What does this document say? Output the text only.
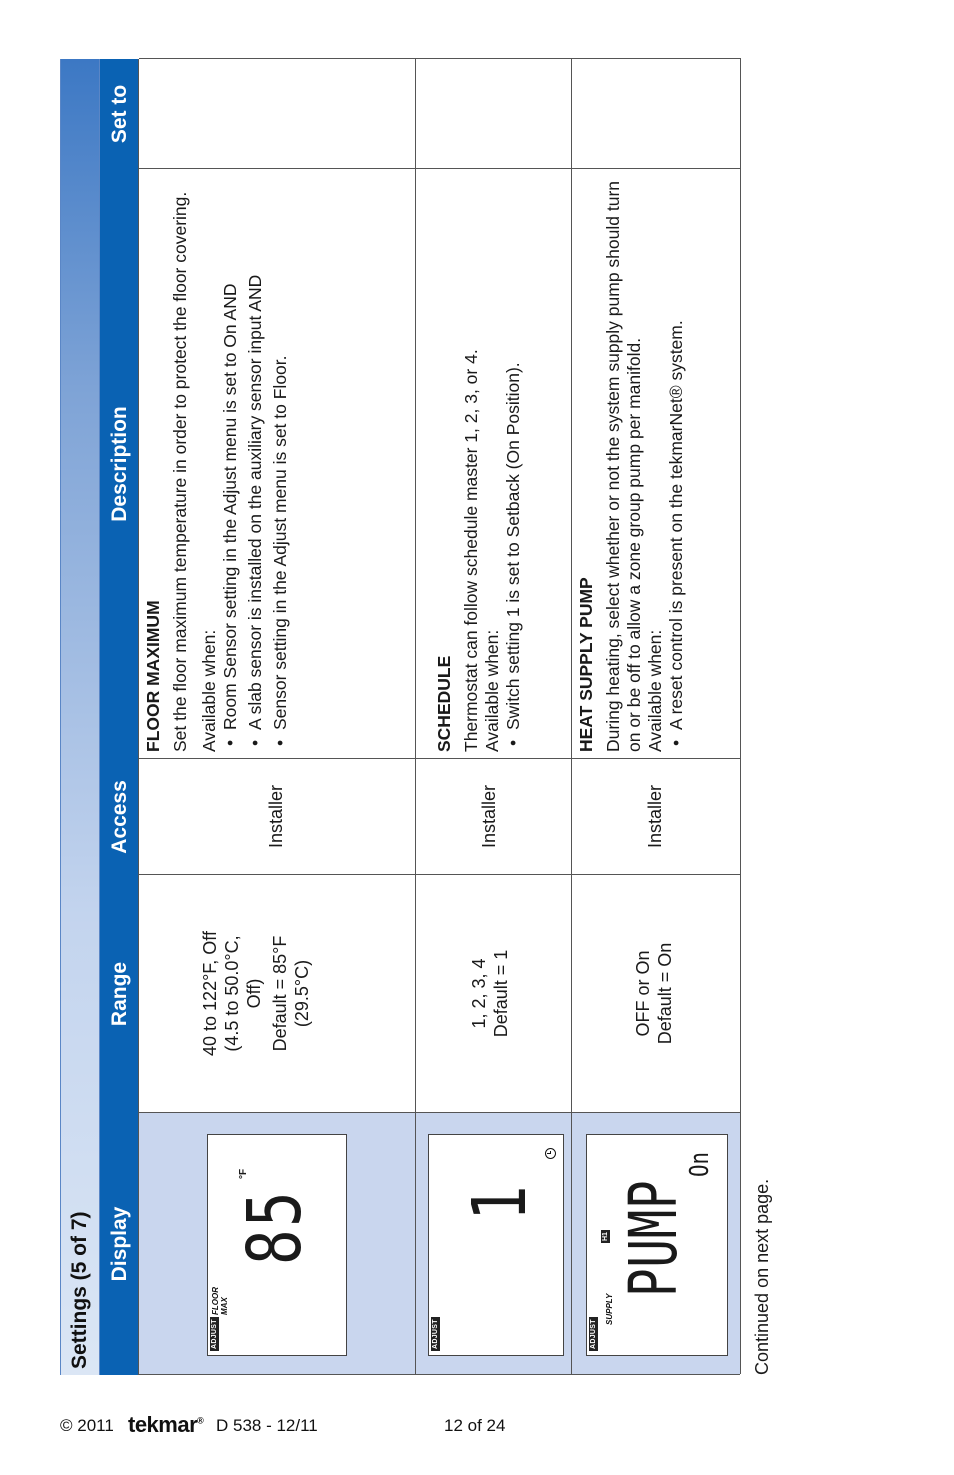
Settings (5 of 7) Display
Range
Access
Description
Set to
ADJUST
FLOOR
MAX
85
°F
40 to 122°F, Off (4.5 to 50.0°C, Off) Default = 85°F (29.5°C)
Installer

FLOOR MAXIMUM Set the floor maximum temperature in order to protect the floor covering. Available when: • Room Sensor setting in the Adjust menu is set to On AND • A slab sensor is installed on the auxiliary sensor input AND • Sensor setting in the Adjust menu is set to Floor.

ADJUST
1
1, 2, 3, 4 Default = 1
Installer

SCHEDULE Thermostat can follow schedule master 1, 2, 3, or 4. Available when: • Switch setting 1 is set to Setback (On Position).

ADJUST
SUPPLY
PUMP
On
H1
OFF or On Default = On
Installer

HEAT SUPPLY PUMP During heating, select whether or not the system supply pump should turn on or be off to allow a zone group pump per manifold. Available when: • A reset control is present on the tekmarNet® system.

Continued on next page.
© 2011 tekmar® D 538 - 12/11	12 of 24
